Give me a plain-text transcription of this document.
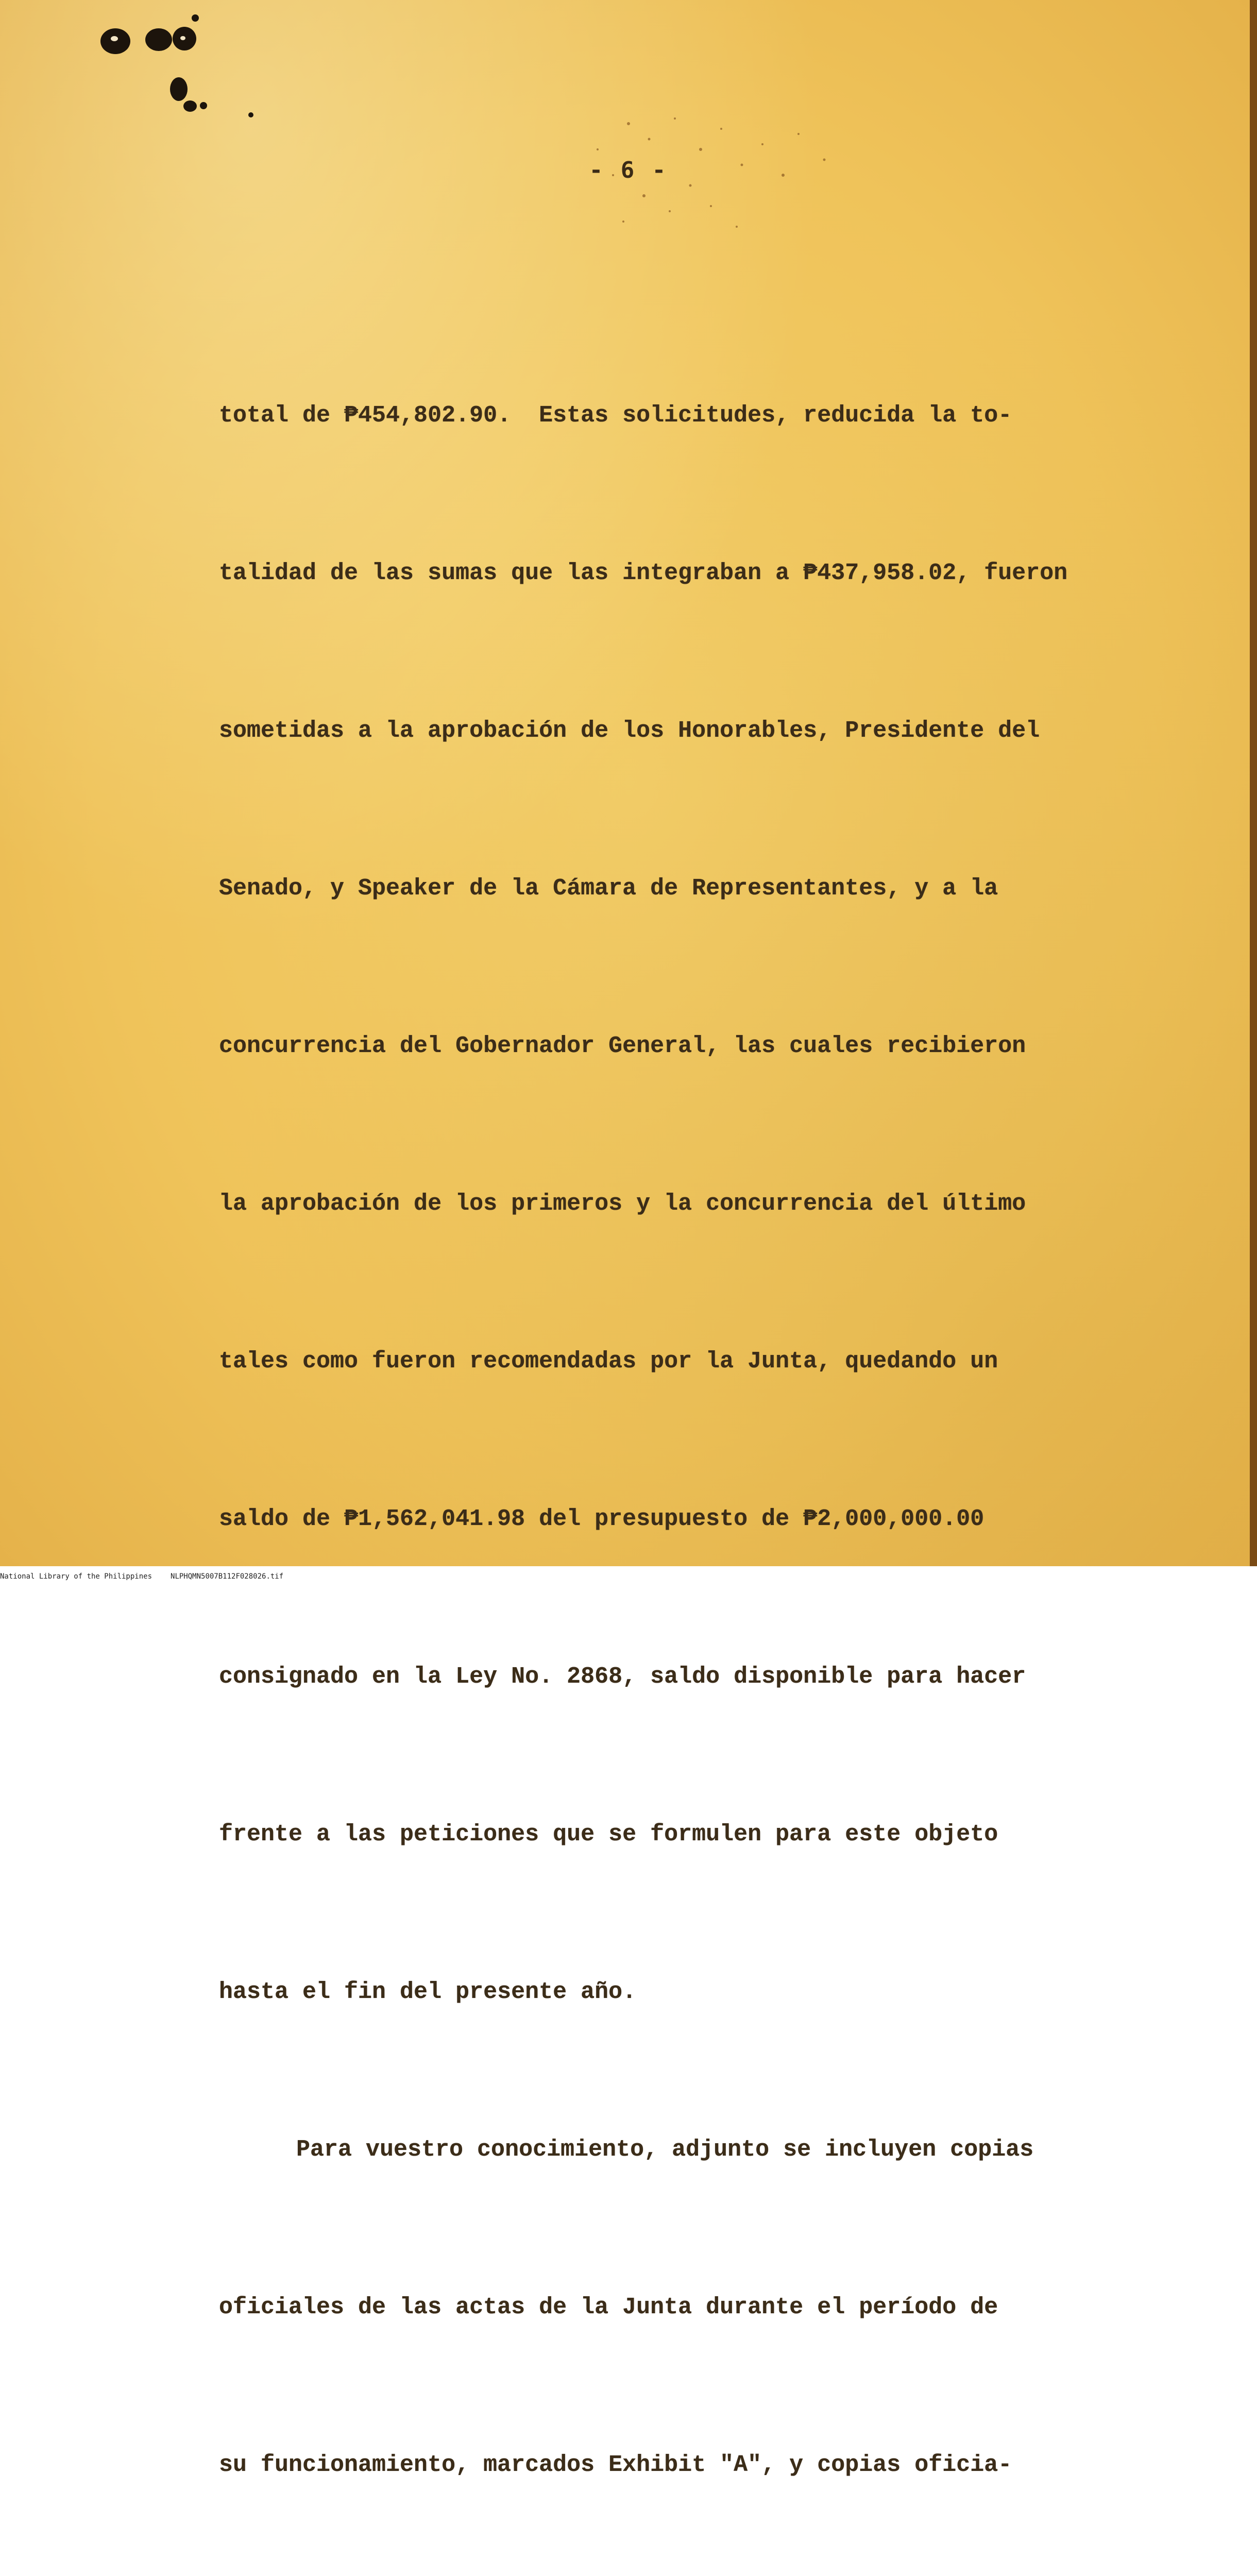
- 6 -

total de ₱454,802.90.  Estas solicitudes, reducida la to-

talidad de las sumas que las integraban a ₱437,958.02, fueron

sometidas a la aprobación de los Honorables, Presidente del

Senado, y Speaker de la Cámara de Representantes, y a la

concurrencia del Gobernador General, las cuales recibieron

la aprobación de los primeros y la concurrencia del último

tales como fueron recomendadas por la Junta, quedando un

saldo de ₱1,562,041.98 del presupuesto de ₱2,000,000.00

consignado en la Ley No. 2868, saldo disponible para hacer

frente a las peticiones que se formulen para este objeto

hasta el fin del presente año.

Para vuestro conocimiento, adjunto se incluyen copias

oficiales de las actas de la Junta durante el período de

su funcionamiento, marcados Exhibit "A", y copias oficia-

National Library of the Philippines	NLPHQMN5007B112F028026.tif
